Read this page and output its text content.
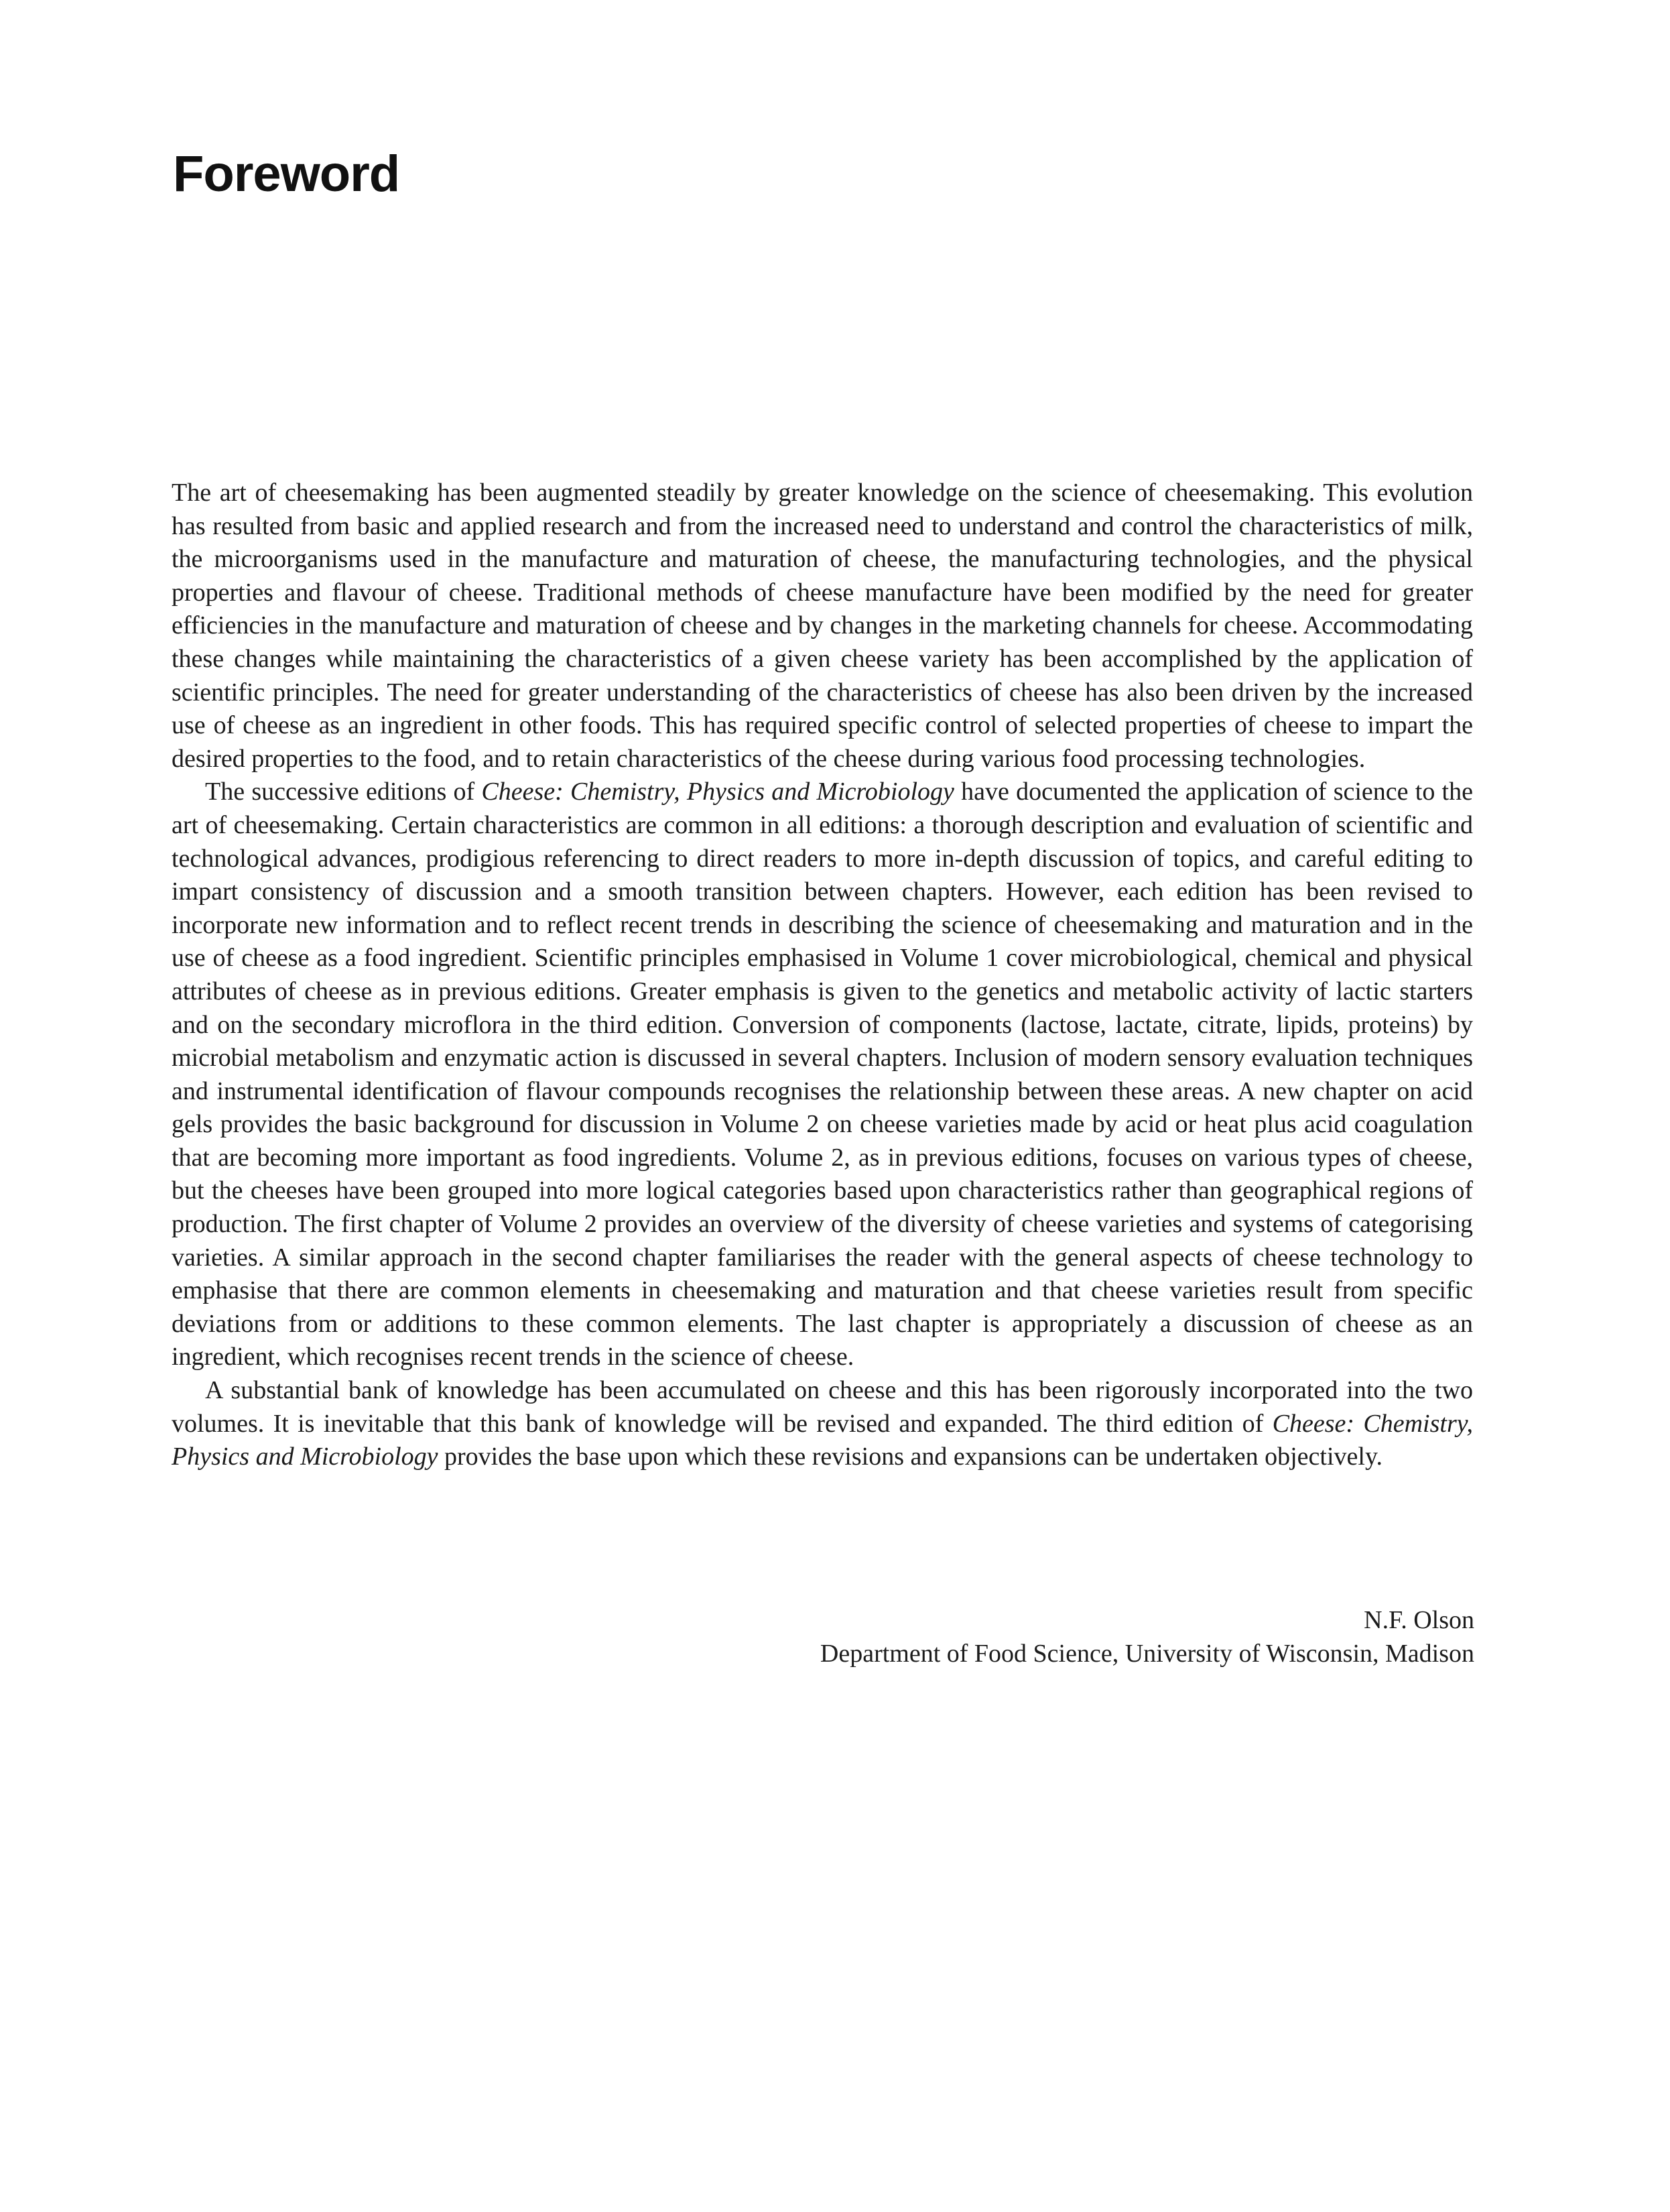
Foreword

The art of cheesemaking has been augmented steadily by greater knowledge on the science of cheesemaking. This evolution has resulted from basic and applied research and from the increased need to understand and control the characteristics of milk, the microorganisms used in the manufacture and maturation of cheese, the manufacturing technologies, and the physical properties and flavour of cheese. Traditional methods of cheese manufacture have been modified by the need for greater efficiencies in the manufacture and maturation of cheese and by changes in the marketing channels for cheese. Accommodating these changes while maintaining the characteristics of a given cheese variety has been accomplished by the application of scientific principles. The need for greater understanding of the characteristics of cheese has also been driven by the increased use of cheese as an ingredient in other foods. This has required specific control of selected properties of cheese to impart the desired properties to the food, and to retain characteristics of the cheese during various food processing technologies.

The successive editions of Cheese: Chemistry, Physics and Microbiology have documented the application of science to the art of cheesemaking. Certain characteristics are common in all editions: a thorough description and evaluation of scientific and technological advances, prodigious referencing to direct readers to more in-depth discussion of topics, and careful editing to impart consistency of discussion and a smooth transition between chapters. However, each edition has been revised to incorporate new information and to reflect recent trends in describing the science of cheesemaking and maturation and in the use of cheese as a food ingredient. Scientific principles emphasised in Volume 1 cover microbiological, chemical and physical attributes of cheese as in previous editions. Greater emphasis is given to the genetics and metabolic activity of lactic starters and on the secondary microflora in the third edition. Conversion of components (lactose, lactate, citrate, lipids, proteins) by microbial metabolism and enzymatic action is discussed in several chapters. Inclusion of modern sensory evaluation techniques and instrumental identification of flavour compounds recognises the relationship between these areas. A new chapter on acid gels provides the basic background for discussion in Volume 2 on cheese varieties made by acid or heat plus acid coagulation that are becoming more important as food ingredients. Volume 2, as in previous editions, focuses on various types of cheese, but the cheeses have been grouped into more logical categories based upon characteristics rather than geographical regions of production. The first chapter of Volume 2 provides an overview of the diversity of cheese varieties and systems of categorising varieties. A similar approach in the second chapter familiarises the reader with the general aspects of cheese technology to emphasise that there are common elements in cheesemaking and maturation and that cheese varieties result from specific deviations from or additions to these common elements. The last chapter is appropriately a discussion of cheese as an ingredient, which recognises recent trends in the science of cheese.

A substantial bank of knowledge has been accumulated on cheese and this has been rigorously incorporated into the two volumes. It is inevitable that this bank of knowledge will be revised and expanded. The third edition of Cheese: Chemistry, Physics and Microbiology provides the base upon which these revisions and expansions can be undertaken objectively.

N.F. Olson
Department of Food Science, University of Wisconsin, Madison
